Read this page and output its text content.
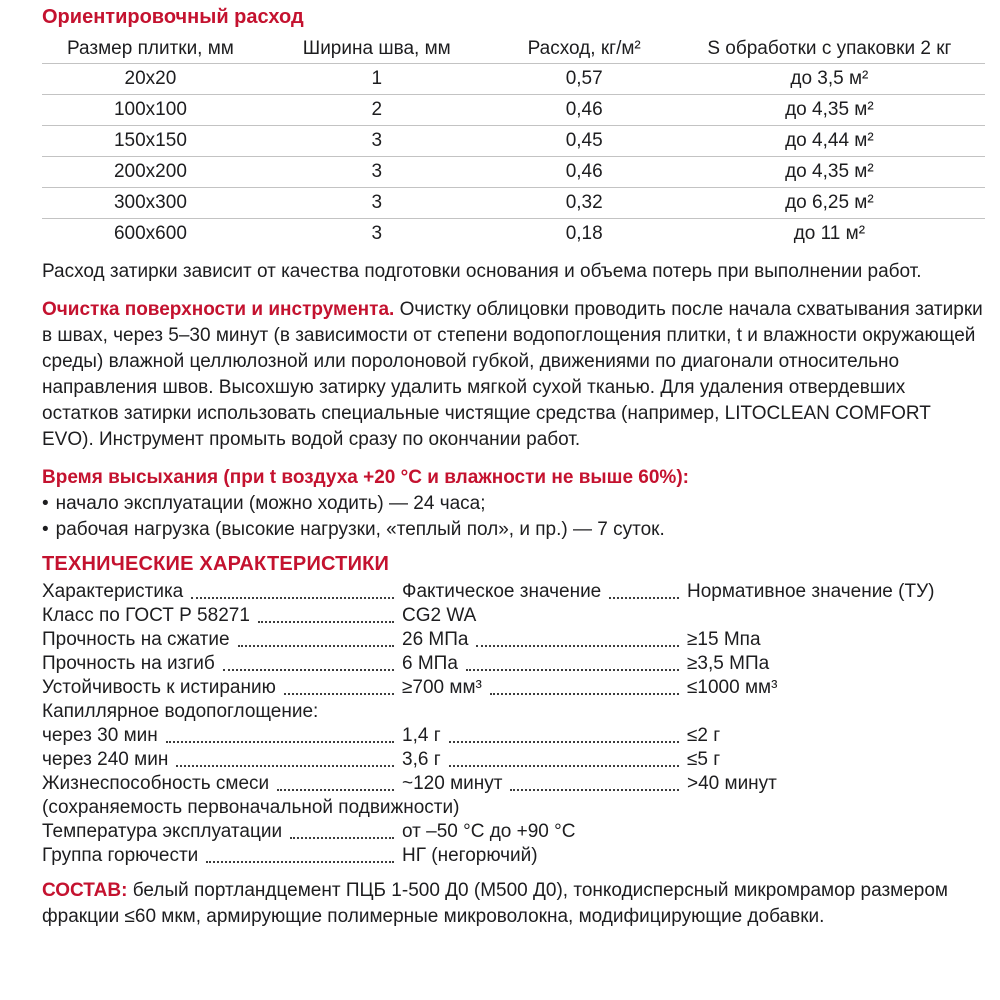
Ориентировочный расход
Размер плитки, мм	Ширина шва, мм	Расход, кг/м²	S обработки с упаковки 2 кг
20x20	1	0,57	до 3,5 м²
100x100	2	0,46	до 4,35 м²
150x150	3	0,45	до 4,44 м²
200x200	3	0,46	до 4,35 м²
300x300	3	0,32	до 6,25 м²
600x600	3	0,18	до 11 м²

Расход затирки зависит от качества подготовки основания и объема потерь при выполнении работ.

Очистка поверхности и инструмента. Очистку облицовки проводить после начала схватывания затирки в швах, через 5–30 минут (в зависимости от степени водопоглощения плитки, t и влажности окружающей среды) влажной целлюлозной или поролоновой губкой, движениями по диагонали относительно направления швов. Высохшую затирку удалить мягкой сухой тканью. Для удаления отвердевших остатков затирки использовать специальные чистящие средства (например, LITOCLEAN COMFORT EVO). Инструмент промыть водой сразу по окончании работ.

Время высыхания (при t воздуха +20 °С и влажности не выше 60%):

• начало эксплуатации (можно ходить) — 24 часа;
• рабочая нагрузка (высокие нагрузки, «теплый пол», и пр.) — 7 суток.
ТЕХНИЧЕСКИЕ ХАРАКТЕРИСТИКИ
Характеристика	Фактическое значение	Нормативное значение (ТУ)
Класс по ГОСТ Р 58271	CG2 WA
Прочность на сжатие	26 МПа	≥15 Мпа
Прочность на изгиб	6 МПа	≥3,5 МПа
Устойчивость к истиранию	≥700 мм³	≤1000 мм³
Капиллярное водопоглощение:
через 30 мин	1,4 г	≤2 г
через 240 мин	3,6 г	≤5 г
Жизнеспособность смеси	~120 минут	>40 минут
(сохраняемость первоначальной подвижности)
Температура эксплуатации	от –50 °С до +90 °С
Группа горючести	НГ (негорючий)

СОСТАВ: белый портландцемент ПЦБ 1-500 Д0 (М500 Д0), тонкодисперсный микромрамор размером фракции ≤60 мкм, армирующие полимерные микроволокна, модифицирующие добавки.
